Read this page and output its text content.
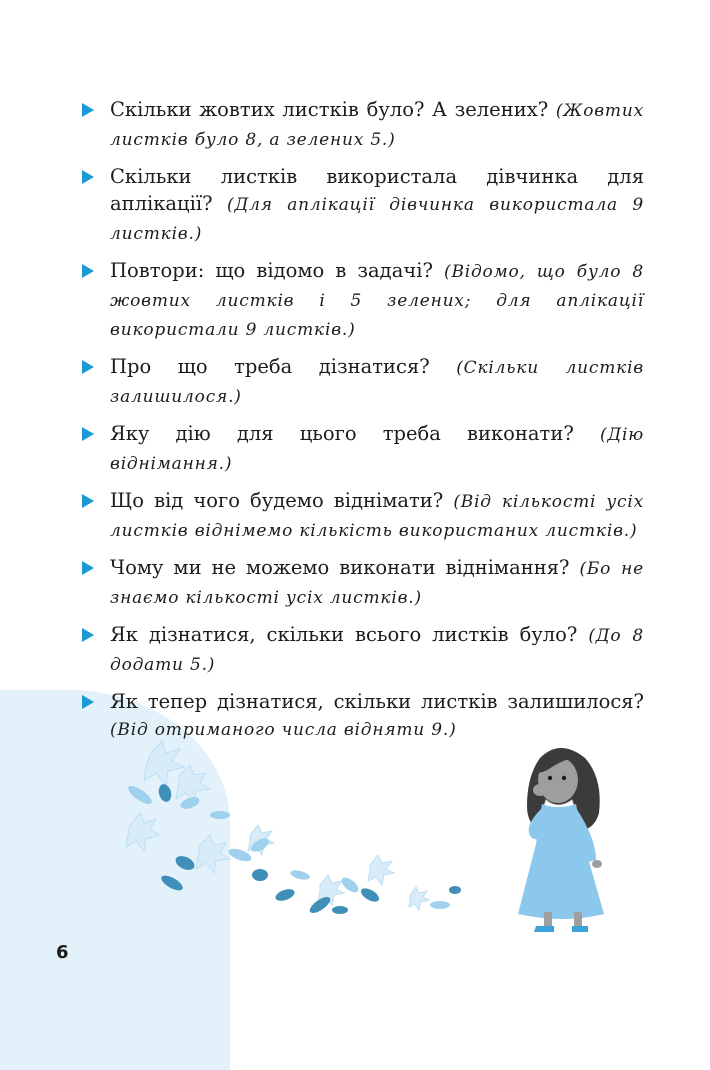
Скільки жовтих листків було? А зелених? (Жовтих листків було 8, а зелених 5.)
Скільки листків використала дівчинка для аплікації? (Для аплікації дівчинка використала 9 листків.)
Повтори: що відомо в задачі? (Відомо, що було 8 жовтих листків і 5 зелених; для аплікації використали 9 листків.)
Про що треба дізнатися? (Скільки листків залишилося.)
Яку дію для цього треба виконати? (Дію віднімання.)
Що від чого будемо віднімати? (Від кількості усіх листків віднімемо кількість використаних листків.)
Чому ми не можемо виконати віднімання? (Бо не знаємо кількості усіх листків.)
Як дізнатися, скільки всього листків було? (До 8 додати 5.)
Як тепер дізнатися, скільки листків залишилося? (Від отриманого числа відняти 9.)
6
